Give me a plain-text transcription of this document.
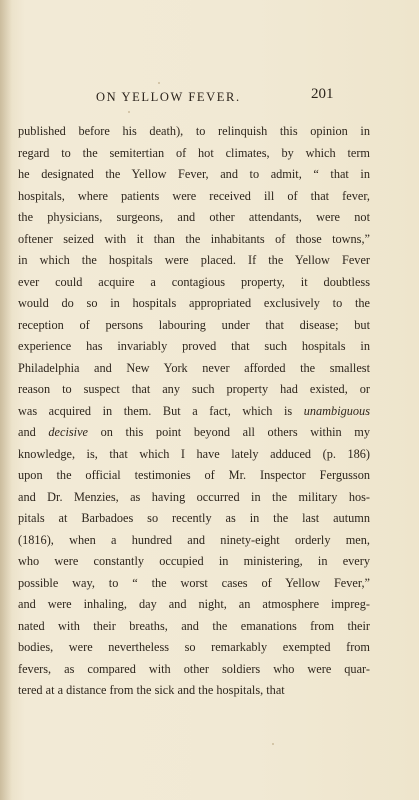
ON YELLOW FEVER.	201
published before his death), to relinquish this opinion in
regard to the semitertian of hot climates, by which term
he designated the Yellow Fever, and to admit, “ that in
hospitals, where patients were received ill of that fever,
the physicians, surgeons, and other attendants, were not
oftener seized with it than the inhabitants of those towns,”
in which the hospitals were placed. If the Yellow Fever
ever could acquire a contagious property, it doubtless
would do so in hospitals appropriated exclusively to the
reception of persons labouring under that disease; but
experience has invariably proved that such hospitals in
Philadelphia and New York never afforded the smallest
reason to suspect that any such property had existed, or
was acquired in them. But a fact, which is unambiguous
and decisive on this point beyond all others within my
knowledge, is, that which I have lately adduced (p. 186)
upon the official testimonies of Mr. Inspector Fergusson
and Dr. Menzies, as having occurred in the military hos-
pitals at Barbadoes so recently as in the last autumn
(1816), when a hundred and ninety-eight orderly men,
who were constantly occupied in ministering, in every
possible way, to “ the worst cases of Yellow Fever,”
and were inhaling, day and night, an atmosphere impreg-
nated with their breaths, and the emanations from their
bodies, were nevertheless so remarkably exempted from
fevers, as compared with other soldiers who were quar-
tered at a distance from the sick and the hospitals, that
